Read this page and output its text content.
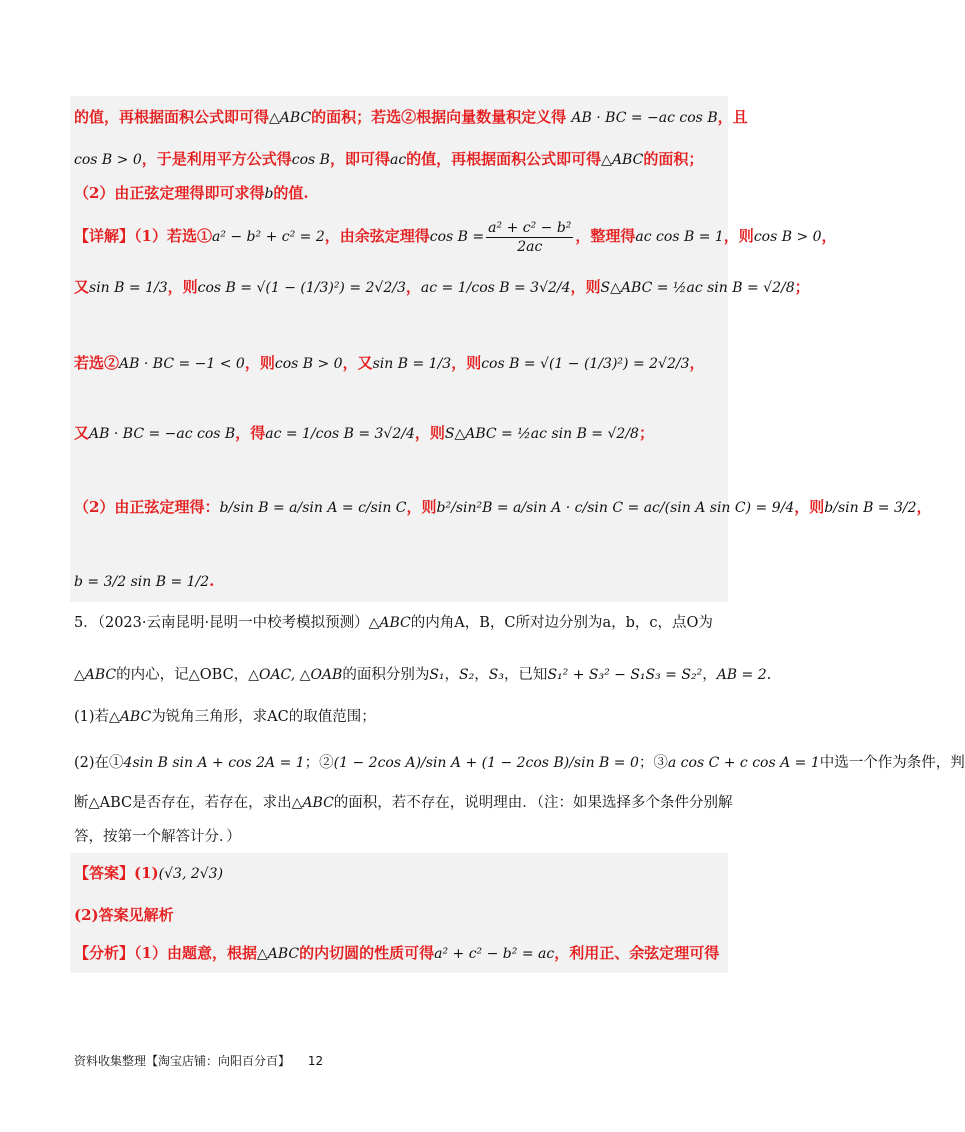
的值，再根据面积公式即可得△ABC的面积；若选②根据向量数量积定义得 AB · BC = −ac cos B，且
cos B > 0，于是利用平方公式得cos B，即可得ac的值，再根据面积公式即可得△ABC的面积；
（2）由正弦定理得即可求得b的值.
【详解】（1）若选①a² − b² + c² = 2，由余弦定理得$\cos B = \frac{\text{a² + c² − b²}}{2ac}$ ，整理得ac cos B = 1，则cos B > 0，
又sin B = 1/3，则cos B = √(1 − (1/3)²) = 2√2/3，ac = 1/cos B = 3√2/4，则S△ABC = ½ac sin B = √2/8；
若选②AB · BC = −1 < 0，则cos B > 0，又sin B = 1/3，则cos B = √(1 − (1/3)²) = 2√2/3，
又AB · BC = −ac cos B，得ac = 1/cos B = 3√2/4，则S△ABC = ½ac sin B = √2/8；
（2）由正弦定理得：b/sin B = a/sin A = c/sin C，则b²/sin²B = a/sin A · c/sin C = ac/(sin A sin C) = 9/4，则b/sin B = 3/2，
b = 3/2 sin B = 1/2.
5．（2023·云南昆明·昆明一中校考模拟预测）△ABC的内角A，B，C所对边分别为a，b，c，点O为
△ABC的内心，记△OBC，△OAC, △OAB的面积分别为S₁，S₂，S₃，已知S₁² + S₃² − S₁S₃ = S₂²，AB = 2.
(1)若△ABC为锐角三角形，求AC的取值范围；
(2)在①4sin B sin A + cos 2A = 1；②(1 − 2cos A)/sin A + (1 − 2cos B)/sin B = 0；③a cos C + c cos A = 1中选一个作为条件，判
断△ABC是否存在，若存在，求出△ABC的面积，若不存在，说明理由．（注：如果选择多个条件分别解
答，按第一个解答计分．）
【答案】(1)(√3, 2√3)
(2)答案见解析
【分析】（1）由题意，根据△ABC的内切圆的性质可得a² + c² − b² = ac，利用正、余弦定理可得
资料收集整理【淘宝店铺：向阳百分百】 12
